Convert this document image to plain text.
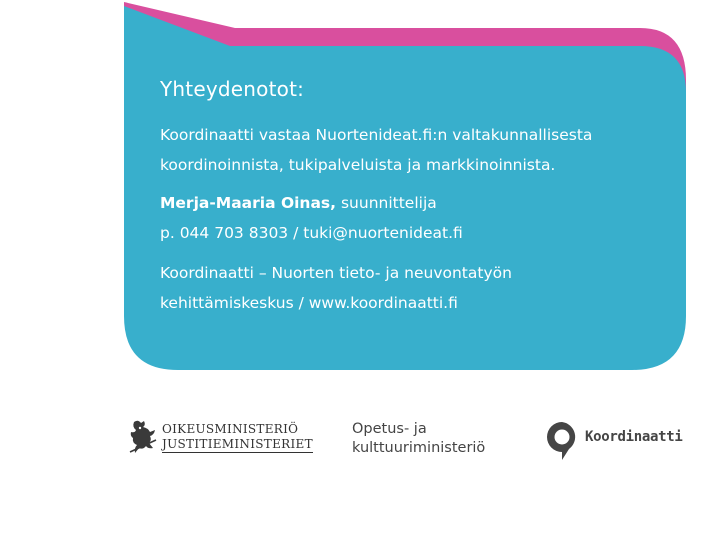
Yhteydenotot:
Koordinaatti vastaa Nuortenideat.fi:n valtakunnallisesta
koordinoinnista, tukipalveluista ja markkinoinnista.
Merja-Maaria Oinas, suunnittelija
p. 044 703 8303 / tuki@nuortenideat.fi
Koordinaatti – Nuorten tieto- ja neuvontatyön
kehittämiskeskus / www.koordinaatti.fi
OIKEUSMINISTERIÖ
JUSTITIEMINISTERIET
Opetus- ja
kulttuuriministeriö
Koordinaatti
